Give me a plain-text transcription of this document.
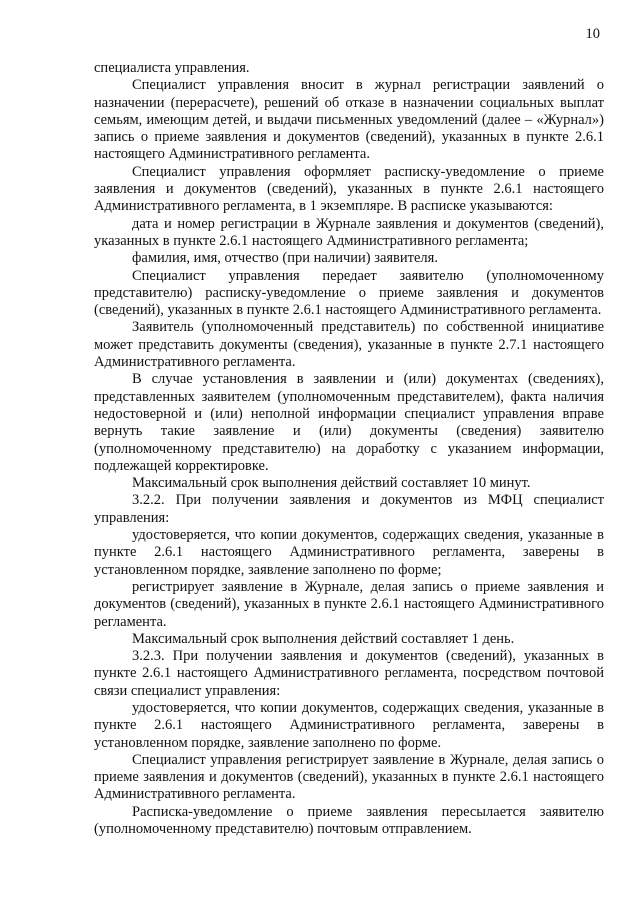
10

специалиста управления.

Специалист управления вносит в журнал регистрации заявлений о назначении (перерасчете), решений об отказе в назначении социальных выплат семьям, имеющим детей, и выдачи письменных уведомлений (далее – «Журнал») запись о приеме заявления и документов (сведений), указанных в пункте 2.6.1 настоящего Административного регламента.

Специалист управления оформляет расписку-уведомление о приеме заявления и документов (сведений), указанных в пункте 2.6.1 настоящего Административного регламента, в 1 экземпляре. В расписке указываются:

дата и номер регистрации в Журнале заявления и документов (сведений), указанных в пункте 2.6.1 настоящего Административного регламента;

фамилия, имя, отчество (при наличии) заявителя.

Специалист управления передает заявителю (уполномоченному представителю) расписку-уведомление о приеме заявления и документов (сведений), указанных в пункте 2.6.1 настоящего Административного регламента.

Заявитель (уполномоченный представитель) по собственной инициативе может представить документы (сведения), указанные в пункте 2.7.1 настоящего Административного регламента.

В случае установления в заявлении и (или) документах (сведениях), представленных заявителем (уполномоченным представителем), факта наличия недостоверной и (или) неполной информации специалист управления вправе вернуть такие заявление и (или) документы (сведения) заявителю (уполномоченному представителю) на доработку с указанием информации, подлежащей корректировке.

Максимальный срок выполнения действий составляет 10 минут.

3.2.2. При получении заявления и документов из МФЦ специалист управления:

удостоверяется, что копии документов, содержащих сведения, указанные в пункте 2.6.1 настоящего Административного регламента, заверены в установленном порядке, заявление заполнено по форме;

регистрирует заявление в Журнале, делая запись о приеме заявления и документов (сведений), указанных в пункте 2.6.1 настоящего Административного регламента.

Максимальный срок выполнения действий составляет 1 день.

3.2.3. При получении заявления и документов (сведений), указанных в пункте 2.6.1 настоящего Административного регламента, посредством почтовой связи специалист управления:

удостоверяется, что копии документов, содержащих сведения, указанные в пункте 2.6.1 настоящего Административного регламента, заверены в установленном порядке, заявление заполнено по форме.

Специалист управления регистрирует заявление в Журнале, делая запись о приеме заявления и документов (сведений), указанных в пункте 2.6.1 настоящего Административного регламента.

Расписка-уведомление о приеме заявления пересылается заявителю (уполномоченному представителю) почтовым отправлением.
